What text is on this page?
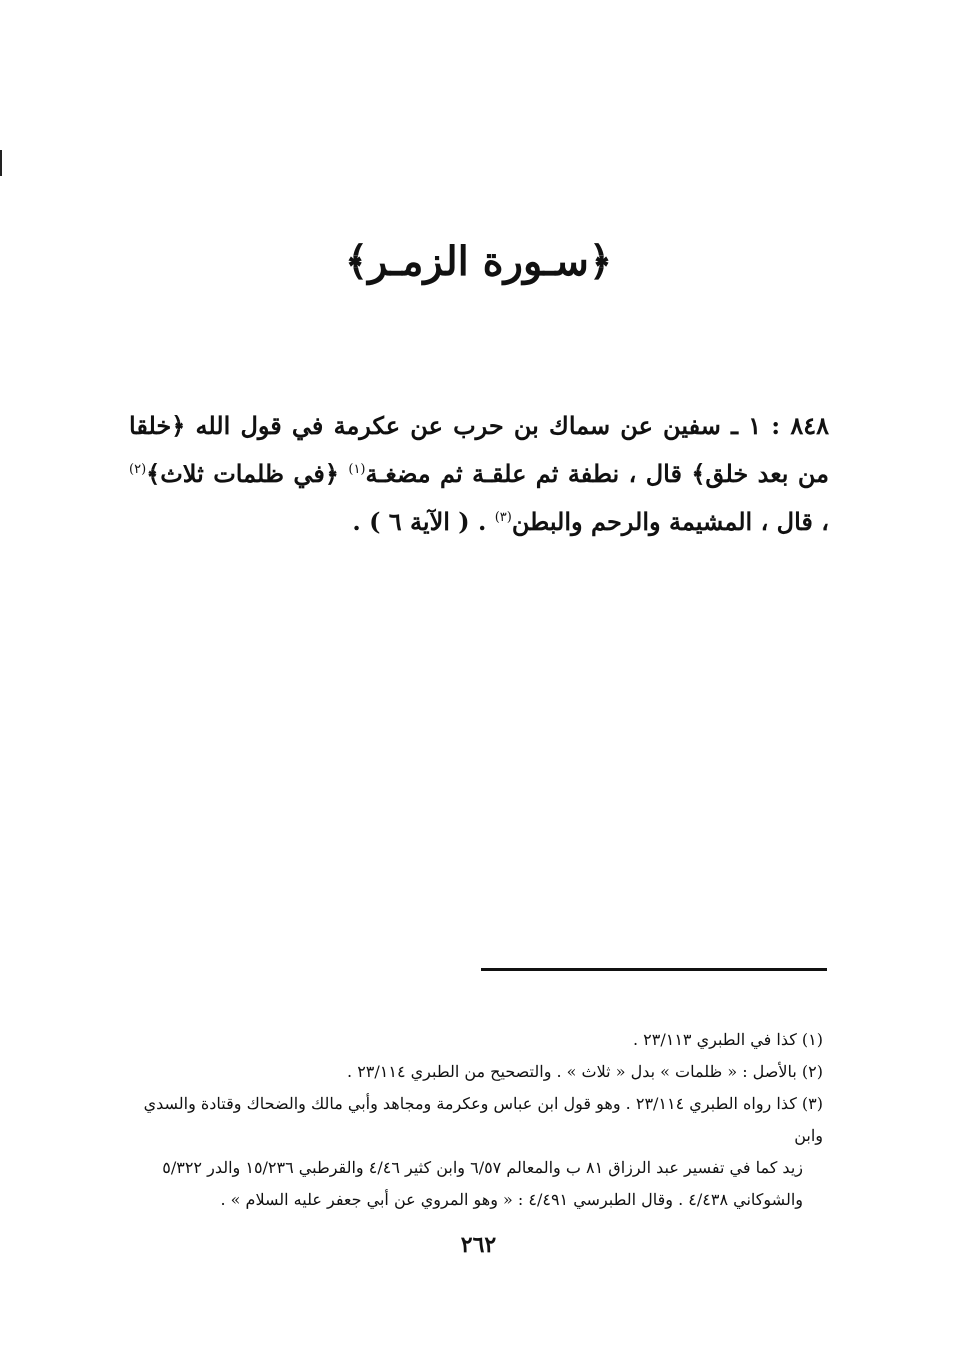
﴿سـورة الزمـر﴾

٨٤٨ : ١ ـ سفين عن سماك بن حرب عن عكرمة في قول الله ﴿خلقا من بعد خلق﴾ قال ، نطفة ثم علقـة ثم مضغـة$^{(١)}$ ﴿في ظلمات ثلاث﴾$^{(٢)}$ ، قال ، المشيمة والرحم والبطن$^{(٣)}$ . ( الآية ٦ ) .

(١) كذا في الطبري ٢٣/١١٣ .

(٢) بالأصل : « ظلمات » بدل « ثلاث » . والتصحيح من الطبري ٢٣/١١٤ .

(٣) كذا رواه الطبري ٢٣/١١٤ . وهو قول ابن عباس وعكرمة ومجاهد وأبي مالك والضحاك وقتادة والسدي وابن
زيد كما في تفسير عبد الرزاق ٨١ ب والمعالم ٦/٥٧ وابن كثير ٤/٤٦ والقرطبي ١٥/٢٣٦ والدر ٥/٣٢٢
والشوكاني ٤/٤٣٨ . وقال الطبرسي ٤/٤٩١ : « وهو المروي عن أبي جعفر عليه السلام » .

٢٦٢
